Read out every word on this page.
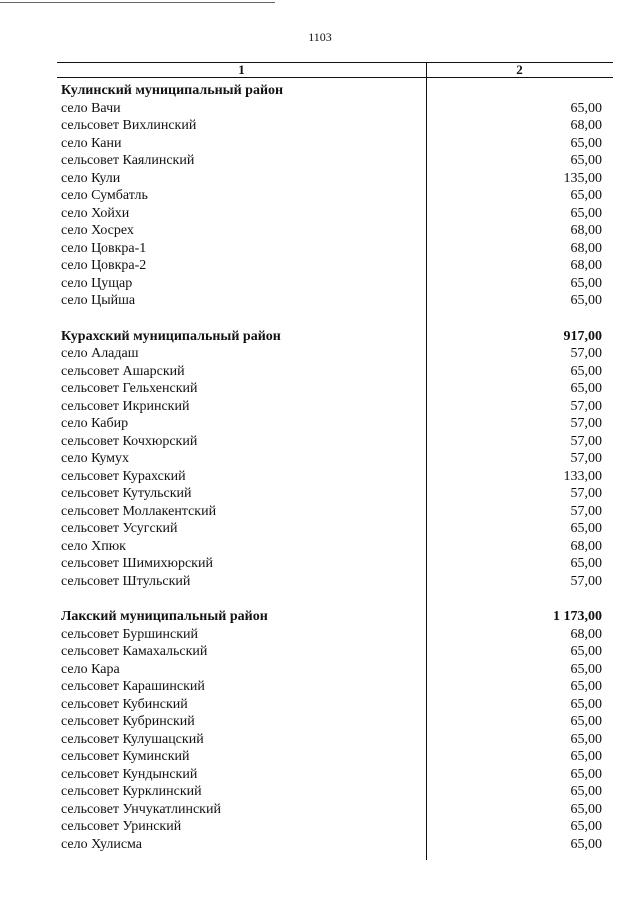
1103
1	2
Кулинский муниципальный район
село Вачи	65,00
сельсовет Вихлинский	68,00
село Кани	65,00
сельсовет Каялинский	65,00
село Кули	135,00
село Сумбатль	65,00
село Хойхи	65,00
село Хосрех	68,00
село Цовкра-1	68,00
село Цовкра-2	68,00
село Цущар	65,00
село Цыйша	65,00
Курахский муниципальный район	917,00
село Аладаш	57,00
сельсовет Ашарский	65,00
сельсовет Гельхенский	65,00
сельсовет Икринский	57,00
село Кабир	57,00
сельсовет Кочхюрский	57,00
село Кумух	57,00
сельсовет Курахский	133,00
сельсовет Кутульский	57,00
сельсовет Моллакентский	57,00
сельсовет Усугский	65,00
село Хпюк	68,00
сельсовет Шимихюрский	65,00
сельсовет Штульский	57,00
Лакский муниципальный район	1 173,00
сельсовет Буршинский	68,00
сельсовет Камахальский	65,00
село Кара	65,00
сельсовет Карашинский	65,00
сельсовет Кубинский	65,00
сельсовет Кубринский	65,00
сельсовет Кулушацский	65,00
сельсовет Куминский	65,00
сельсовет Кундынский	65,00
сельсовет Курклинский	65,00
сельсовет Унчукатлинский	65,00
сельсовет Уринский	65,00
село Хулисма	65,00
